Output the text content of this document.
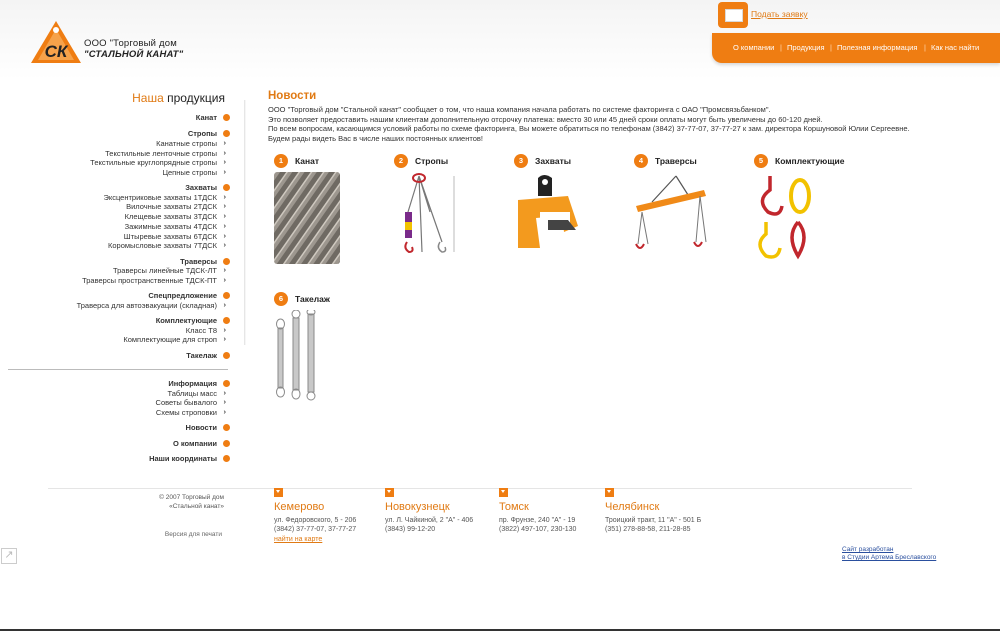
СК ООО "Торговый дом
"СТАЛЬНОЙ КАНАТ"
Подать заявку
О компании | Продукция | Полезная информация | Как нас найти
Наша продукция
Канат
Стропы
Канатные стропы ›
Текстильные ленточные стропы ›
Текстильные круглопрядные стропы ›
Цепные стропы ›
Захваты
Эксцентриковые захваты 1ТДСК ›
Вилочные захваты 2ТДСК ›
Клещевые захваты 3ТДСК ›
Зажимные захваты 4ТДСК ›
Штыревые захваты 6ТДСК ›
Коромысловые захваты 7ТДСК ›
Траверсы
Траверсы линейные ТДСК-ЛТ ›
Траверсы пространственные ТДСК-ПТ ›
Спецпредложение
Траверса для автоэвакуации (складная) ›
Комплектующие
Класс Т8 ›
Комплектующие для строп ›
Такелаж
Информация
Таблицы масс ›
Советы бывалого ›
Схемы строповки ›
Новости
О компании
Наши координаты
Новости
ООО "Торговый дом "Стальной канат" сообщает о том, что наша компания начала работать по системе факторинга с ОАО "Промсвязьбанком".
Это позволяет предоставить нашим клиентам дополнительную отсрочку платежа: вместо 30 или 45 дней сроки оплаты могут быть увеличены до 60-120 дней.
По всем вопросам, касающимся условий работы по схеме факторинга, Вы можете обратиться по телефонам (3842) 37-77-07, 37-77-27 к зам. директора Коршуновой Юлии Сергеевне.
Будем рады видеть Вас в числе наших постоянных клиентов!
1	Канат	2	Стропы	3	Захваты	4	Траверсы	5	Комплектующие
6	Такелаж
© 2007 Торговый дом
«Стальной канат»
Версия для печати
Кемерово
ул. Федоровского, 5 - 206
(3842) 37-77-07, 37-77-27
найти на карте
Новокузнецк
ул. Л. Чайкиной, 2 "А" - 406
(3843) 99-12-20
Томск
пр. Фрунзе, 240 "А" - 19
(3822) 497-107, 230-130
Челябинск
Троицкий тракт, 11 "А" - 501 Б
(351) 278-88-58, 211-28-85
Сайт разработан
в Студии Артема Бреславского
↗
